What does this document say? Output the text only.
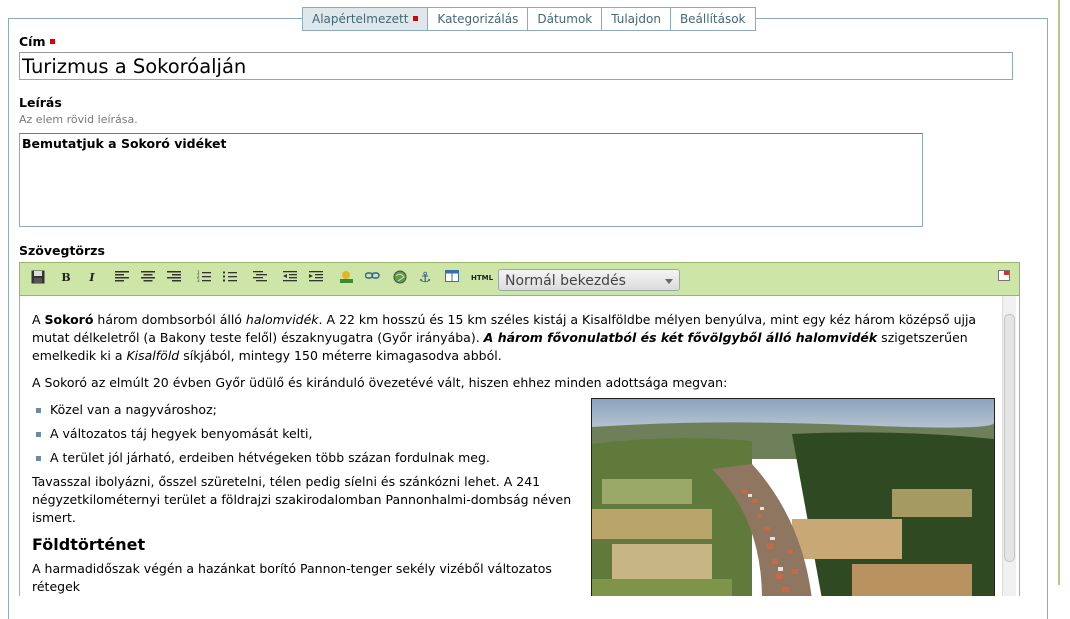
Alapértelmezett	Kategorizálás	Dátumok	Tulajdon	Beállítások
Cím
Turizmus a Sokoróalján
Leírás
Az elem rövid leírása.
Bemutatjuk a Sokoró vidéket
Szövegtörzs
B	I	1
2
3	⚓	HTML Normál bekezdés

A Sokoró három dombsorból álló halomvidék. A 22 km hosszú és 15 km széles kistáj a Kisalföldbe mélyen benyúlva, mint egy kéz három középső ujja mutat délkeletről (a Bakony teste felől) északnyugatra (Győr irányába). A három fővonulatból és két fővölgyből álló halomvidék szigetszerűen emelkedik ki a Kisalföld síkjából, mintegy 150 méterre kimagasodva abból.

A Sokoró az elmúlt 20 évben Győr üdülő és kiránduló övezetévé vált, hiszen ehhez minden adottsága megvan:

Közel van a nagyvároshoz;
A változatos táj hegyek benyomását kelti,
A terület jól járható, erdeiben hétvégeken több százan fordulnak meg.

Tavasszal ibolyázni, ősszel szüretelni, télen pedig síelni és szánkózni lehet. A 241 négyzetkilométernyi terület a földrajzi szakirodalomban Pannonhalmi-dombság néven ismert.

Földtörténet

A harmadidőszak végén a hazánkat borító Pannon-tenger sekély vizéből változatos rétegek
